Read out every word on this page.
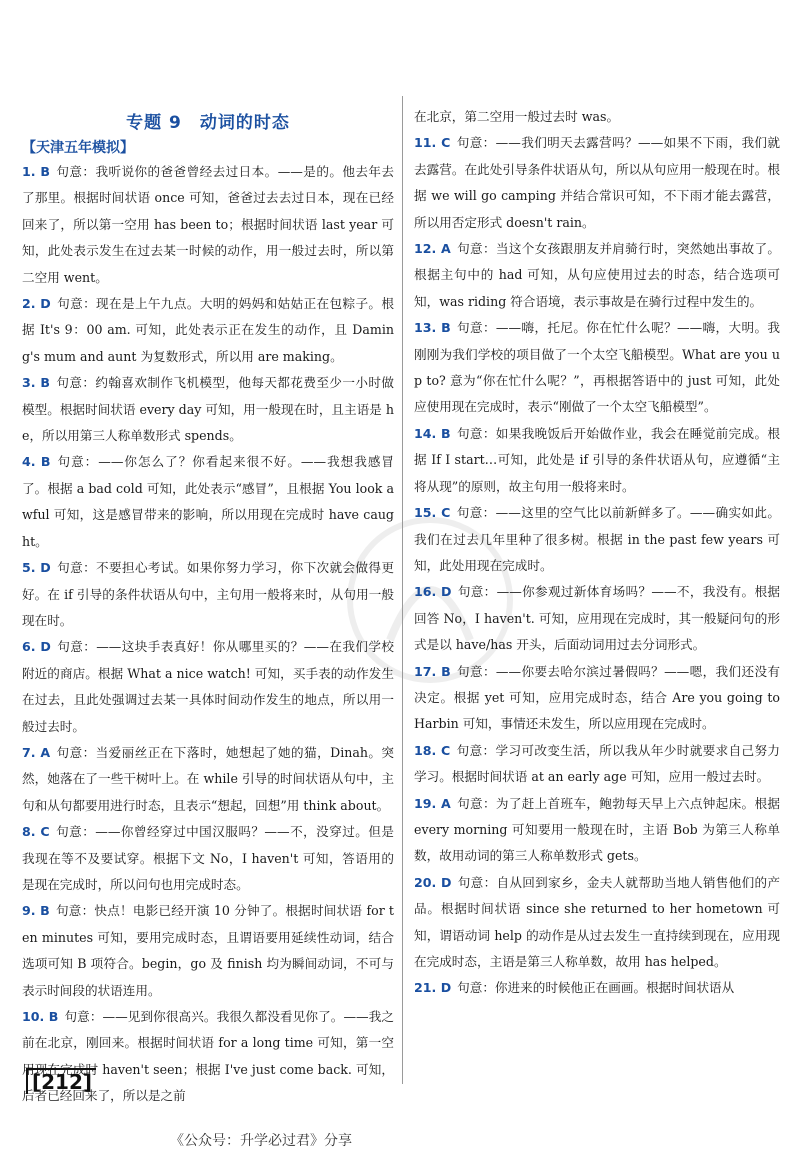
专题 9　动词的时态
【天津五年模拟】

1. B 句意：我听说你的爸爸曾经去过日本。——是的。他去年去了那里。根据时间状语 once 可知，爸爸过去去过日本，现在已经回来了，所以第一空用 has been to；根据时间状语 last year 可知，此处表示发生在过去某一时候的动作，用一般过去时，所以第二空用 went。

2. D 句意：现在是上午九点。大明的妈妈和姑姑正在包粽子。根据 It's 9：00 am. 可知，此处表示正在发生的动作，且 Daming's mum and aunt 为复数形式，所以用 are making。

3. B 句意：约翰喜欢制作飞机模型，他每天都花费至少一小时做模型。根据时间状语 every day 可知，用一般现在时，且主语是 he，所以用第三人称单数形式 spends。

4. B 句意：——你怎么了？你看起来很不好。——我想我感冒了。根据 a bad cold 可知，此处表示“感冒”，且根据 You look awful 可知，这是感冒带来的影响，所以用现在完成时 have caught。

5. D 句意：不要担心考试。如果你努力学习，你下次就会做得更好。在 if 引导的条件状语从句中，主句用一般将来时，从句用一般现在时。

6. D 句意：——这块手表真好！你从哪里买的？——在我们学校附近的商店。根据 What a nice watch! 可知，买手表的动作发生在过去，且此处强调过去某一具体时间动作发生的地点，所以用一般过去时。

7. A 句意：当爱丽丝正在下落时，她想起了她的猫，Dinah。突然，她落在了一些干树叶上。在 while 引导的时间状语从句中，主句和从句都要用进行时态，且表示“想起，回想”用 think about。

8. C 句意：——你曾经穿过中国汉服吗？——不，没穿过。但是我现在等不及要试穿。根据下文 No，I haven't 可知，答语用的是现在完成时，所以问句也用完成时态。

9. B 句意：快点！电影已经开演 10 分钟了。根据时间状语 for ten minutes 可知，要用完成时态，且谓语要用延续性动词，结合选项可知 B 项符合。begin，go 及 finish 均为瞬间动词，不可与表示时间段的状语连用。

10. B 句意：——见到你很高兴。我很久都没看见你了。——我之前在北京，刚回来。根据时间状语 for a long time 可知，第一空用现在完成时 haven't seen；根据 I've just come back. 可知，后者已经回来了，所以是之前

在北京，第二空用一般过去时 was。

11. C 句意：——我们明天去露营吗？——如果不下雨，我们就去露营。在此处引导条件状语从句，所以从句应用一般现在时。根据 we will go camping 并结合常识可知，不下雨才能去露营，所以用否定形式 doesn't rain。

12. A 句意：当这个女孩跟朋友并肩骑行时，突然她出事故了。根据主句中的 had 可知，从句应使用过去的时态，结合选项可知，was riding 符合语境，表示事故是在骑行过程中发生的。

13. B 句意：——嗨，托尼。你在忙什么呢？——嗨，大明。我刚刚为我们学校的项目做了一个太空飞船模型。What are you up to? 意为“你在忙什么呢？”，再根据答语中的 just 可知，此处应使用现在完成时，表示“刚做了一个太空飞船模型”。

14. B 句意：如果我晚饭后开始做作业，我会在睡觉前完成。根据 If I start…可知，此处是 if 引导的条件状语从句，应遵循“主将从现”的原则，故主句用一般将来时。

15. C 句意：——这里的空气比以前新鲜多了。——确实如此。我们在过去几年里种了很多树。根据 in the past few years 可知，此处用现在完成时。

16. D 句意：——你参观过新体育场吗？——不，我没有。根据回答 No，I haven't. 可知，应用现在完成时，其一般疑问句的形式是以 have/has 开头，后面动词用过去分词形式。

17. B 句意：——你要去哈尔滨过暑假吗？——嗯，我们还没有决定。根据 yet 可知，应用完成时态，结合 Are you going to Harbin 可知，事情还未发生，所以应用现在完成时。

18. C 句意：学习可改变生活，所以我从年少时就要求自己努力学习。根据时间状语 at an early age 可知，应用一般过去时。

19. A 句意：为了赶上首班车，鲍勃每天早上六点钟起床。根据 every morning 可知要用一般现在时，主语 Bob 为第三人称单数，故用动词的第三人称单数形式 gets。

20. D 句意：自从回到家乡，金夫人就帮助当地人销售他们的产品。根据时间状语 since she returned to her hometown 可知，谓语动词 help 的动作是从过去发生一直持续到现在，应用现在完成时态，主语是第三人称单数，故用 has helped。

21. D 句意：你进来的时候他正在画画。根据时间状语从

[212]
《公众号：升学必过君》分享
